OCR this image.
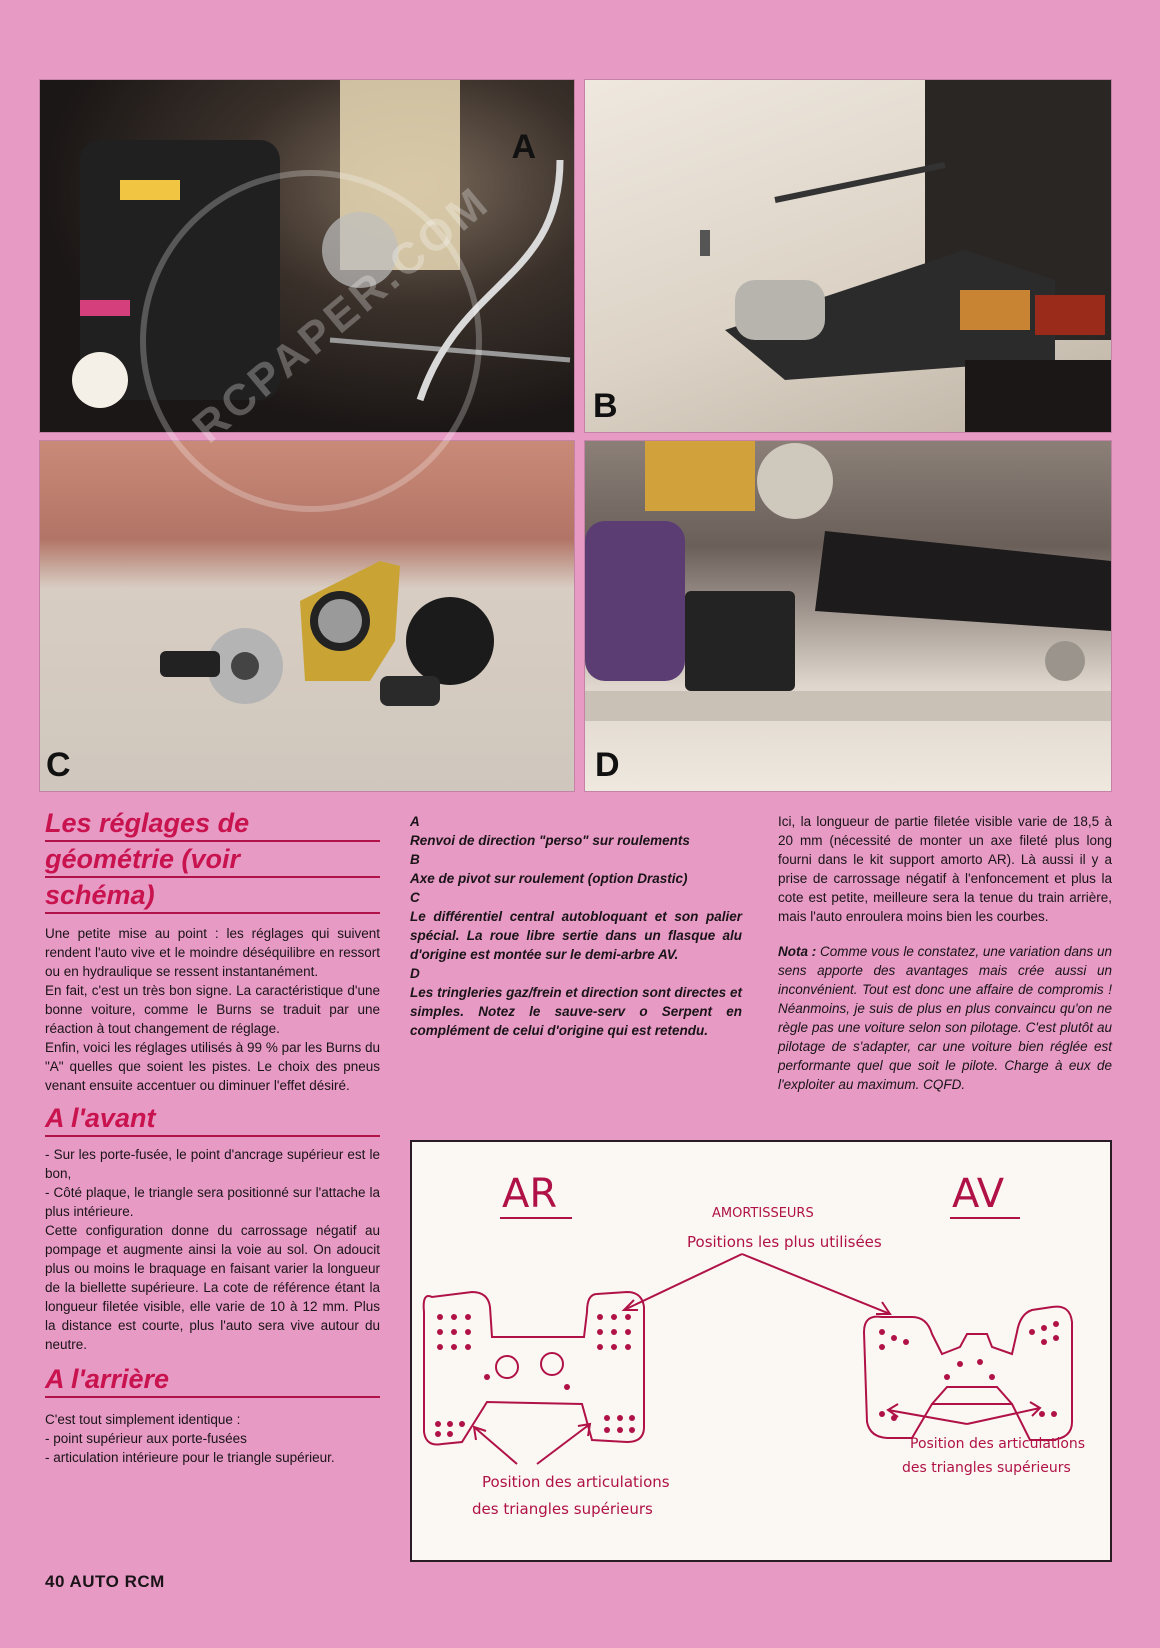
A
B
C	D
RCPAPER.COM
Les réglages de
géométrie (voir
schéma)

Une petite mise au point : les réglages qui suivent rendent l'auto vive et le moindre déséquilibre en ressort ou en hydraulique se ressent instantanément.

En fait, c'est un très bon signe. La caractéristique d'une bonne voiture, comme le Burns se traduit par une réaction à tout changement de réglage.

Enfin, voici les réglages utilisés à 99 % par les Burns du "A" quelles que soient les pistes. Le choix des pneus venant ensuite accentuer ou diminuer l'effet désiré.

A l'avant

- Sur les porte-fusée, le point d'ancrage supérieur est le bon,

- Côté plaque, le triangle sera positionné sur l'attache la plus intérieure.

Cette configuration donne du carrossage négatif au pompage et augmente ainsi la voie au sol. On adoucit plus ou moins le braquage en faisant varier la longueur de la biellette supérieure. La cote de référence étant la longueur filetée visible, elle varie de 10 à 12 mm. Plus la distance est courte, plus l'auto sera vive autour du neutre.

A l'arrière

C'est tout simplement identique :

- point supérieur aux porte-fusées

- articulation intérieure pour le triangle supérieur.

A

Renvoi de direction "perso" sur roulements

B

Axe de pivot sur roulement (option Drastic)

C

Le différentiel central autobloquant et son palier spécial. La roue libre sertie dans un flasque alu d'origine est montée sur le demi-arbre AV.

D

Les tringleries gaz/frein et direction sont directes et simples. Notez le sauve-serv o Serpent en complément de celui d'origine qui est retendu.

Ici, la longueur de partie filetée visible varie de 18,5 à 20 mm (nécessité de monter un axe fileté plus long fourni dans le kit support amorto AR). Là aussi il y a prise de carrossage négatif à l'enfoncement et plus la cote est petite, meilleure sera la tenue du train arrière, mais l'auto enroulera moins bien les courbes.

Nota : Comme vous le constatez, une variation dans un sens apporte des avantages mais crée aussi un inconvénient. Tout est donc une affaire de compromis ! Néanmoins, je suis de plus en plus convaincu qu'on ne règle pas une voiture selon son pilotage. C'est plutôt au pilotage de s'adapter, car une voiture bien réglée est performante quel que soit le pilote. Charge à eux de l'exploiter au maximum. CQFD.

AR	AV
AMORTISSEURS
Positions les plus utilisées
Position des articulations
des triangles supérieurs
Position des articulations
des triangles supérieurs
40 AUTO RCM
